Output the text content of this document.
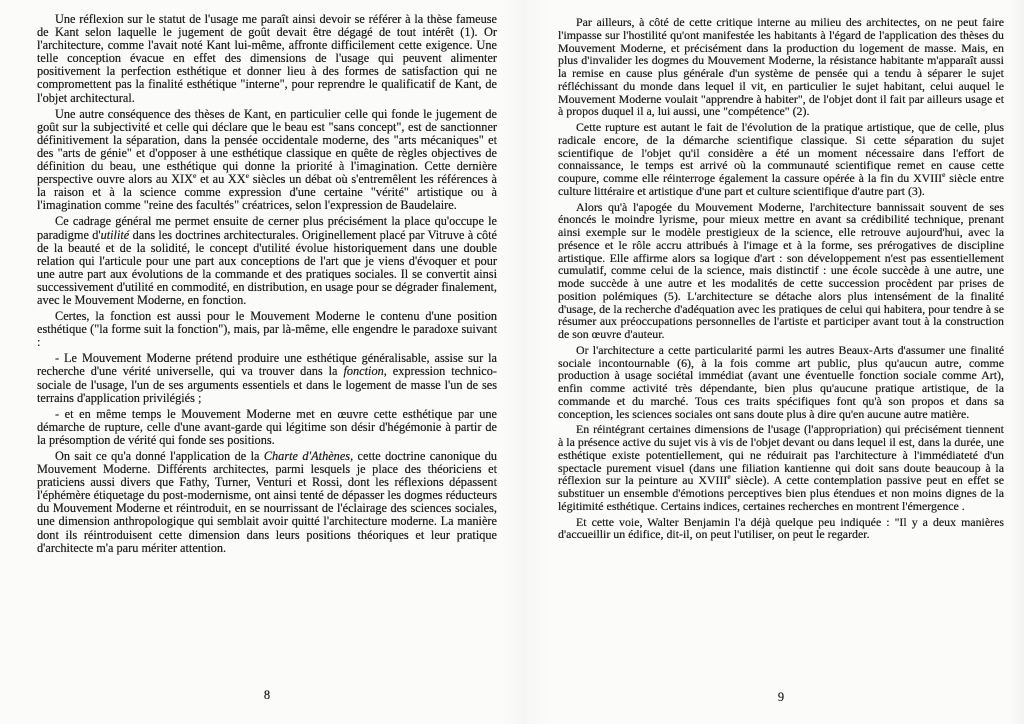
Une réflexion sur le statut de l'usage me paraît ainsi devoir se référer à la thèse fameuse de Kant selon laquelle le jugement de goût devait être dégagé de tout intérêt (1). Or l'architecture, comme l'avait noté Kant lui-même, affronte difficilement cette exigence. Une telle conception évacue en effet des dimensions de l'usage qui peuvent alimenter positivement la perfection esthétique et donner lieu à des formes de satisfaction qui ne compromettent pas la finalité esthétique "interne", pour reprendre le qualificatif de Kant, de l'objet architectural.

Une autre conséquence des thèses de Kant, en particulier celle qui fonde le jugement de goût sur la subjectivité et celle qui déclare que le beau est "sans concept", est de sanctionner définitivement la séparation, dans la pensée occidentale moderne, des "arts mécaniques" et des "arts de génie" et d'opposer à une esthétique classique en quête de règles objectives de définition du beau, une esthétique qui donne la priorité à l'imagination. Cette dernière perspective ouvre alors au XIXe et au XXe siècles un débat où s'entremêlent les références à la raison et à la science comme expression d'une certaine "vérité" artistique ou à l'imagination comme "reine des facultés" créatrices, selon l'expression de Baudelaire.

Ce cadrage général me permet ensuite de cerner plus précisément la place qu'occupe le paradigme d'utilité dans les doctrines architecturales. Originellement placé par Vitruve à côté de la beauté et de la solidité, le concept d'utilité évolue historiquement dans une double relation qui l'articule pour une part aux conceptions de l'art que je viens d'évoquer et pour une autre part aux évolutions de la commande et des pratiques sociales. Il se convertit ainsi successivement d'utilité en commodité, en distribution, en usage pour se dégrader finalement, avec le Mouvement Moderne, en fonction.

Certes, la fonction est aussi pour le Mouvement Moderne le contenu d'une position esthétique ("la forme suit la fonction"), mais, par là-même, elle engendre le paradoxe suivant :

- Le Mouvement Moderne prétend produire une esthétique généralisable, assise sur la recherche d'une vérité universelle, qui va trouver dans la fonction, expression technico-sociale de l'usage, l'un de ses arguments essentiels et dans le logement de masse l'un de ses terrains d'application privilégiés ;

- et en même temps le Mouvement Moderne met en œuvre cette esthétique par une démarche de rupture, celle d'une avant-garde qui légitime son désir d'hégémonie à partir de la présomption de vérité qui fonde ses positions.

On sait ce qu'a donné l'application de la Charte d'Athènes, cette doctrine canonique du Mouvement Moderne. Différents architectes, parmi lesquels je place des théoriciens et praticiens aussi divers que Fathy, Turner, Venturi et Rossi, dont les réflexions dépassent l'éphémère étiquetage du post-modernisme, ont ainsi tenté de dépasser les dogmes réducteurs du Mouvement Moderne et réintroduit, en se nourrissant de l'éclairage des sciences sociales, une dimension anthropologique qui semblait avoir quitté l'architecture moderne. La manière dont ils réintroduisent cette dimension dans leurs positions théoriques et leur pratique d'architecte m'a paru mériter attention.

Par ailleurs, à côté de cette critique interne au milieu des architectes, on ne peut faire l'impasse sur l'hostilité qu'ont manifestée les habitants à l'égard de l'application des thèses du Mouvement Moderne, et précisément dans la production du logement de masse. Mais, en plus d'invalider les dogmes du Mouvement Moderne, la résistance habitante m'apparaît aussi la remise en cause plus générale d'un système de pensée qui a tendu à séparer le sujet réfléchissant du monde dans lequel il vit, en particulier le sujet habitant, celui auquel le Mouvement Moderne voulait "apprendre à habiter", de l'objet dont il fait par ailleurs usage et à propos duquel il a, lui aussi, une "compétence" (2).

Cette rupture est autant le fait de l'évolution de la pratique artistique, que de celle, plus radicale encore, de la démarche scientifique classique. Si cette séparation du sujet scientifique de l'objet qu'il considère a été un moment nécessaire dans l'effort de connaissance, le temps est arrivé où la communauté scientifique remet en cause cette coupure, comme elle réinterroge également la cassure opérée à la fin du XVIIIe siècle entre culture littéraire et artistique d'une part et culture scientifique d'autre part (3).

Alors qu'à l'apogée du Mouvement Moderne, l'architecture bannissait souvent de ses énoncés le moindre lyrisme, pour mieux mettre en avant sa crédibilité technique, prenant ainsi exemple sur le modèle prestigieux de la science, elle retrouve aujourd'hui, avec la présence et le rôle accru attribués à l'image et à la forme, ses prérogatives de discipline artistique. Elle affirme alors sa logique d'art : son développement n'est pas essentiellement cumulatif, comme celui de la science, mais distinctif : une école succède à une autre, une mode succède à une autre et les modalités de cette succession procèdent par prises de position polémiques (5). L'architecture se détache alors plus intensément de la finalité d'usage, de la recherche d'adéquation avec les pratiques de celui qui habitera, pour tendre à se résumer aux préoccupations personnelles de l'artiste et participer avant tout à la construction de son œuvre d'auteur.

Or l'architecture a cette particularité parmi les autres Beaux-Arts d'assumer une finalité sociale incontournable (6), à la fois comme art public, plus qu'aucun autre, comme production à usage sociétal immédiat (avant une éventuelle fonction sociale comme Art), enfin comme activité très dépendante, bien plus qu'aucune pratique artistique, de la commande et du marché. Tous ces traits spécifiques font qu'à son propos et dans sa conception, les sciences sociales ont sans doute plus à dire qu'en aucune autre matière.

En réintégrant certaines dimensions de l'usage (l'appropriation) qui précisément tiennent à la présence active du sujet vis à vis de l'objet devant ou dans lequel il est, dans la durée, une esthétique existe potentiellement, qui ne réduirait pas l'architecture à l'immédiateté d'un spectacle purement visuel (dans une filiation kantienne qui doit sans doute beaucoup à la réflexion sur la peinture au XVIIIe siècle). A cette contemplation passive peut en effet se substituer un ensemble d'émotions perceptives bien plus étendues et non moins dignes de la légitimité esthétique. Certains indices, certaines recherches en montrent l'émergence .

Et cette voie, Walter Benjamin l'a déjà quelque peu indiquée : "Il y a deux manières d'accueillir un édifice, dit-il, on peut l'utiliser, on peut le regarder.

8	9
